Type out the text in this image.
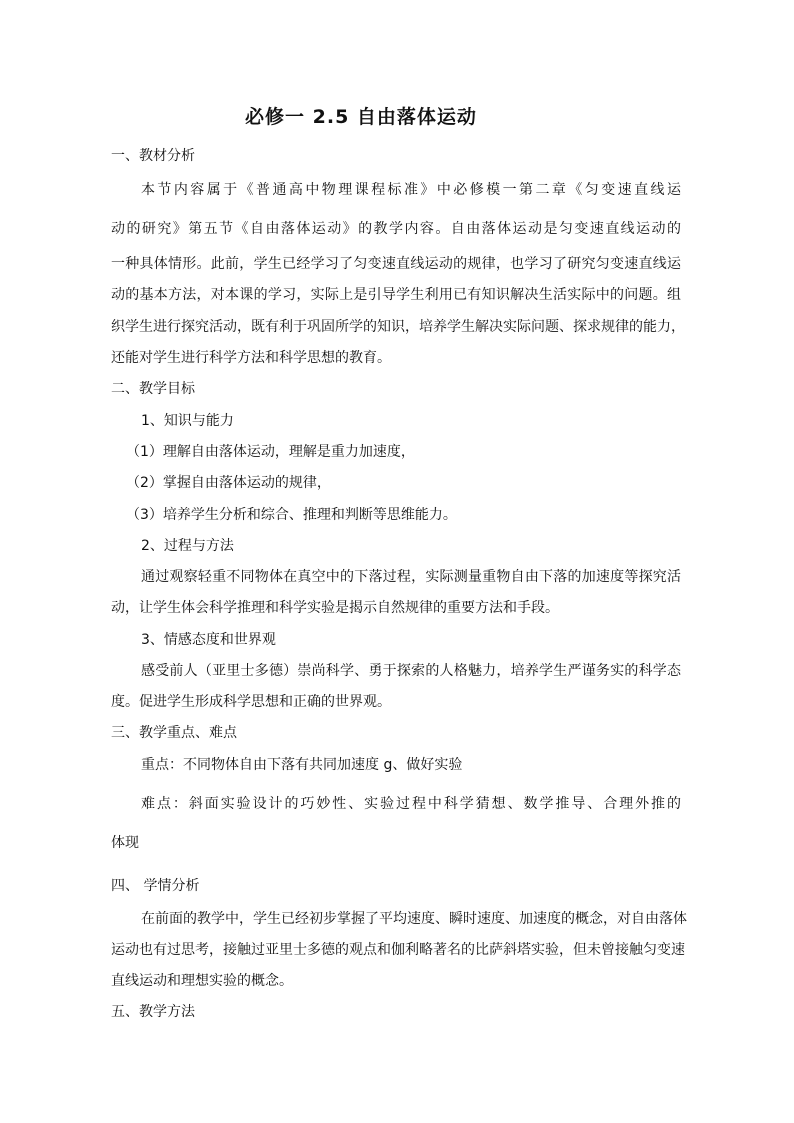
必修一 2.5 自由落体运动
一、教材分析
本节内容属于《普通高中物理课程标准》中必修模一第二章《匀变速直线运
动的研究》第五节《自由落体运动》的教学内容。自由落体运动是匀变速直线运动的
一种具体情形。此前，学生已经学习了匀变速直线运动的规律，也学习了研究匀变速直线运
动的基本方法，对本课的学习，实际上是引导学生利用已有知识解决生活实际中的问题。组
织学生进行探究活动，既有利于巩固所学的知识，培养学生解决实际问题、探求规律的能力，
还能对学生进行科学方法和科学思想的教育。
二、教学目标
1、知识与能力
（1）理解自由落体运动，理解是重力加速度，
（2）掌握自由落体运动的规律，
（3）培养学生分析和综合、推理和判断等思维能力。
2、过程与方法
通过观察轻重不同物体在真空中的下落过程，实际测量重物自由下落的加速度等探究活
动，让学生体会科学推理和科学实验是揭示自然规律的重要方法和手段。
3、情感态度和世界观
感受前人（亚里士多德）崇尚科学、勇于探索的人格魅力，培养学生严谨务实的科学态
度。促进学生形成科学思想和正确的世界观。
三、教学重点、难点
重点：不同物体自由下落有共同加速度 g、做好实验
难点：斜面实验设计的巧妙性、实验过程中科学猜想、数学推导、合理外推的
体现
四、 学情分析
在前面的教学中，学生已经初步掌握了平均速度、瞬时速度、加速度的概念，对自由落体
运动也有过思考，接触过亚里士多德的观点和伽利略著名的比萨斜塔实验，但未曾接触匀变速
直线运动和理想实验的概念。
五、教学方法
